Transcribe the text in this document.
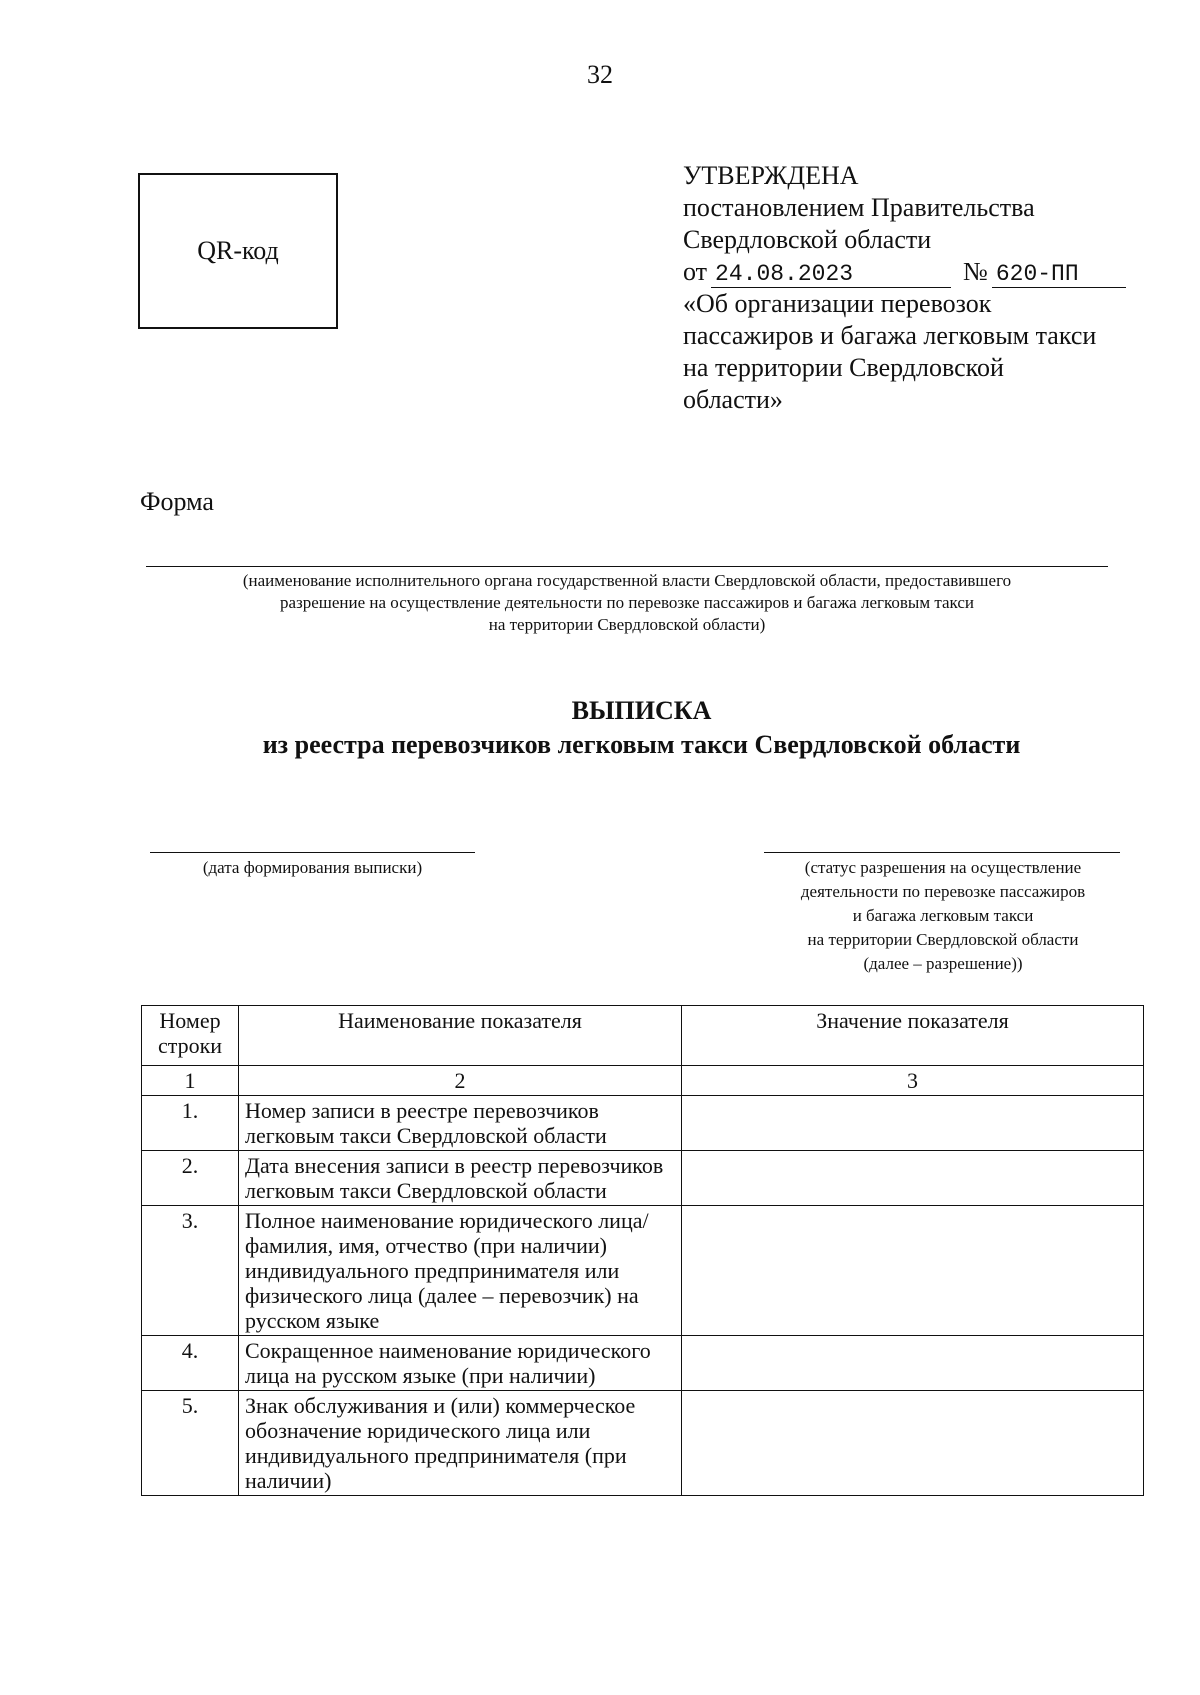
32
QR-код
УТВЕРЖДЕНА
постановлением Правительства
Свердловской области
от 24.08.2023	№ 620-ПП
«Об организации перевозок
пассажиров и багажа легковым такси
на территории Свердловской
области»
Форма
(наименование исполнительного органа государственной власти Свердловской области, предоставившего
разрешение на осуществление деятельности по перевозке пассажиров и багажа легковым такси
на территории Свердловской области)
ВЫПИСКА
из реестра перевозчиков легковым такси Свердловской области
(дата формирования выписки)	(статус разрешения на осуществление
деятельности по перевозке пассажиров
и багажа легковым такси
на территории Свердловской области
(далее – разрешение))
Номер строки	Наименование показателя	Значение показателя
1	2	3
1.	Номер записи в реестре перевозчиков легковым такси Свердловской области	
2.	Дата внесения записи в реестр перевозчиков легковым такси Свердловской области	
3.	Полное наименование юридического лица/фамилия, имя, отчество (при наличии) индивидуального предпринимателя или физического лица (далее – перевозчик) на русском языке	
4.	Сокращенное наименование юридического лица на русском языке (при наличии)	
5.	Знак обслуживания и (или) коммерческое обозначение юридического лица или индивидуального предпринимателя (при наличии)	
